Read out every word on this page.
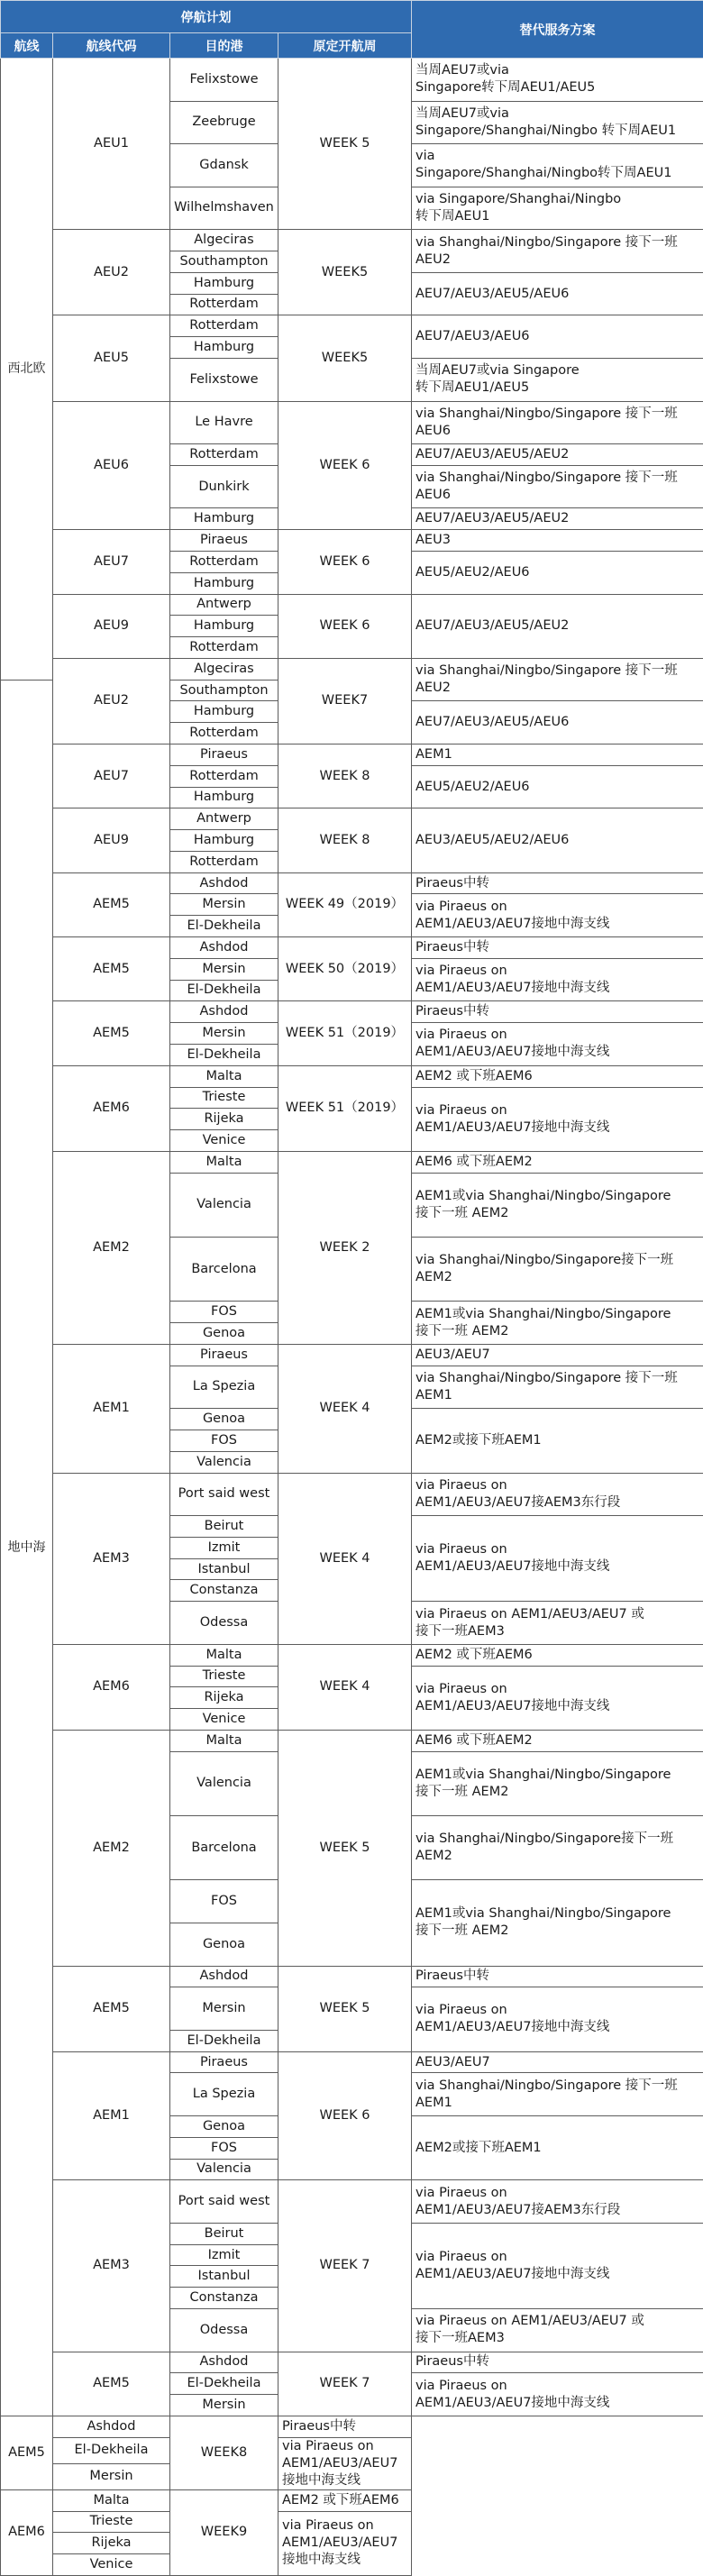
停航计划				替代服务方案
航线	航线代码	目的港	原定开航周	
西北欧	AEU1	Felixstowe	WEEK 5	当周AEU7或via
Singapore转下周AEU1/AEU5

		Zeebruge		当周AEU7或via
Singapore/Shanghai/Ningbo 转下周AEU1

		Gdansk		via
Singapore/Shanghai/Ningbo转下周AEU1

		Wilhelmshaven		via Singapore/Shanghai/Ningbo
转下周AEU1

	AEU2	Algeciras	WEEK5	via Shanghai/Ningbo/Singapore 接下一班
AEU2
		Southampton		
		Hamburg		AEU7/AEU3/AEU5/AEU6
		Rotterdam		
	AEU5	Rotterdam	WEEK5	AEU7/AEU3/AEU6
		Hamburg		
		Felixstowe		当周AEU7或via Singapore
转下周AEU1/AEU5

	AEU6	Le Havre	WEEK 6	via Shanghai/Ningbo/Singapore 接下一班
AEU6

		Rotterdam		AEU7/AEU3/AEU5/AEU2
		Dunkirk		via Shanghai/Ningbo/Singapore 接下一班
AEU6

		Hamburg		AEU7/AEU3/AEU5/AEU2
	AEU7	Piraeus	WEEK 6	AEU3
		Rotterdam		AEU5/AEU2/AEU6
		Hamburg		
	AEU9	Antwerp	WEEK 6	AEU7/AEU3/AEU5/AEU2
		Hamburg		
		Rotterdam		
	AEU2	Algeciras	WEEK7	via Shanghai/Ningbo/Singapore 接下一班
AEU2
地中海		Southampton		
		Hamburg		AEU7/AEU3/AEU5/AEU6
		Rotterdam		
	AEU7	Piraeus	WEEK 8	AEM1
		Rotterdam		AEU5/AEU2/AEU6
		Hamburg		
	AEU9	Antwerp	WEEK 8	AEU3/AEU5/AEU2/AEU6
		Hamburg		
		Rotterdam		
	AEM5	Ashdod	WEEK 49（2019）	Piraeus中转
		Mersin		via Piraeus on
AEM1/AEU3/AEU7接地中海支线
		El-Dekheila		
	AEM5	Ashdod	WEEK 50（2019）	Piraeus中转
		Mersin		via Piraeus on
AEM1/AEU3/AEU7接地中海支线
		El-Dekheila		
	AEM5	Ashdod	WEEK 51（2019）	Piraeus中转
		Mersin		via Piraeus on
AEM1/AEU3/AEU7接地中海支线
		El-Dekheila		
	AEM6	Malta	WEEK 51（2019）	AEM2 或下班AEM6
		Trieste		via Piraeus on
AEM1/AEU3/AEU7接地中海支线
		Rijeka		
		Venice		
	AEM2	Malta	WEEK 2	AEM6 或下班AEM2
		Valencia		AEM1或via Shanghai/Ningbo/Singapore
接下一班 AEM2

		Barcelona		via Shanghai/Ningbo/Singapore接下一班
AEM2

		FOS		AEM1或via Shanghai/Ningbo/Singapore
接下一班 AEM2
		Genoa		
	AEM1	Piraeus	WEEK 4	AEU3/AEU7
		La Spezia		via Shanghai/Ningbo/Singapore 接下一班
AEM1

		Genoa		AEM2或接下班AEM1
		FOS		
		Valencia		
	AEM3	Port said west	WEEK 4	via Piraeus on
AEM1/AEU3/AEU7接AEM3东行段

		Beirut		via Piraeus on
AEM1/AEU3/AEU7接地中海支线
		Izmit		
		Istanbul		
		Constanza		
		Odessa		via Piraeus on AEM1/AEU3/AEU7 或
接下一班AEM3

	AEM6	Malta	WEEK 4	AEM2 或下班AEM6
		Trieste		via Piraeus on
AEM1/AEU3/AEU7接地中海支线
		Rijeka		
		Venice		
	AEM2	Malta	WEEK 5	AEM6 或下班AEM2
		Valencia		AEM1或via Shanghai/Ningbo/Singapore
接下一班 AEM2

		Barcelona		via Shanghai/Ningbo/Singapore接下一班
AEM2

		FOS		AEM1或via Shanghai/Ningbo/Singapore
接下一班 AEM2

		Genoa		

	AEM5	Ashdod	WEEK 5	Piraeus中转
		Mersin		via Piraeus on
AEM1/AEU3/AEU7接地中海支线

		El-Dekheila		
	AEM1	Piraeus	WEEK 6	AEU3/AEU7
		La Spezia		via Shanghai/Ningbo/Singapore 接下一班
AEM1

		Genoa		AEM2或接下班AEM1
		FOS		
		Valencia		
	AEM3	Port said west	WEEK 7	via Piraeus on
AEM1/AEU3/AEU7接AEM3东行段

		Beirut		via Piraeus on
AEM1/AEU3/AEU7接地中海支线
		Izmit		
		Istanbul		
		Constanza		
		Odessa		via Piraeus on AEM1/AEU3/AEU7 或
接下一班AEM3

	AEM5	Ashdod	WEEK 7	Piraeus中转
		El-Dekheila		via Piraeus on
AEM1/AEU3/AEU7接地中海支线
		Mersin		
AEM5	Ashdod	WEEK8	Piraeus中转	
	El-Dekheila		via Piraeus on
AEM1/AEU3/AEU7接地中海支线	
	Mersin			
AEM6	Malta	WEEK9	AEM2 或下班AEM6	
	Trieste		via Piraeus on
AEM1/AEU3/AEU7接地中海支线	
	Rijeka			
	Venice			
